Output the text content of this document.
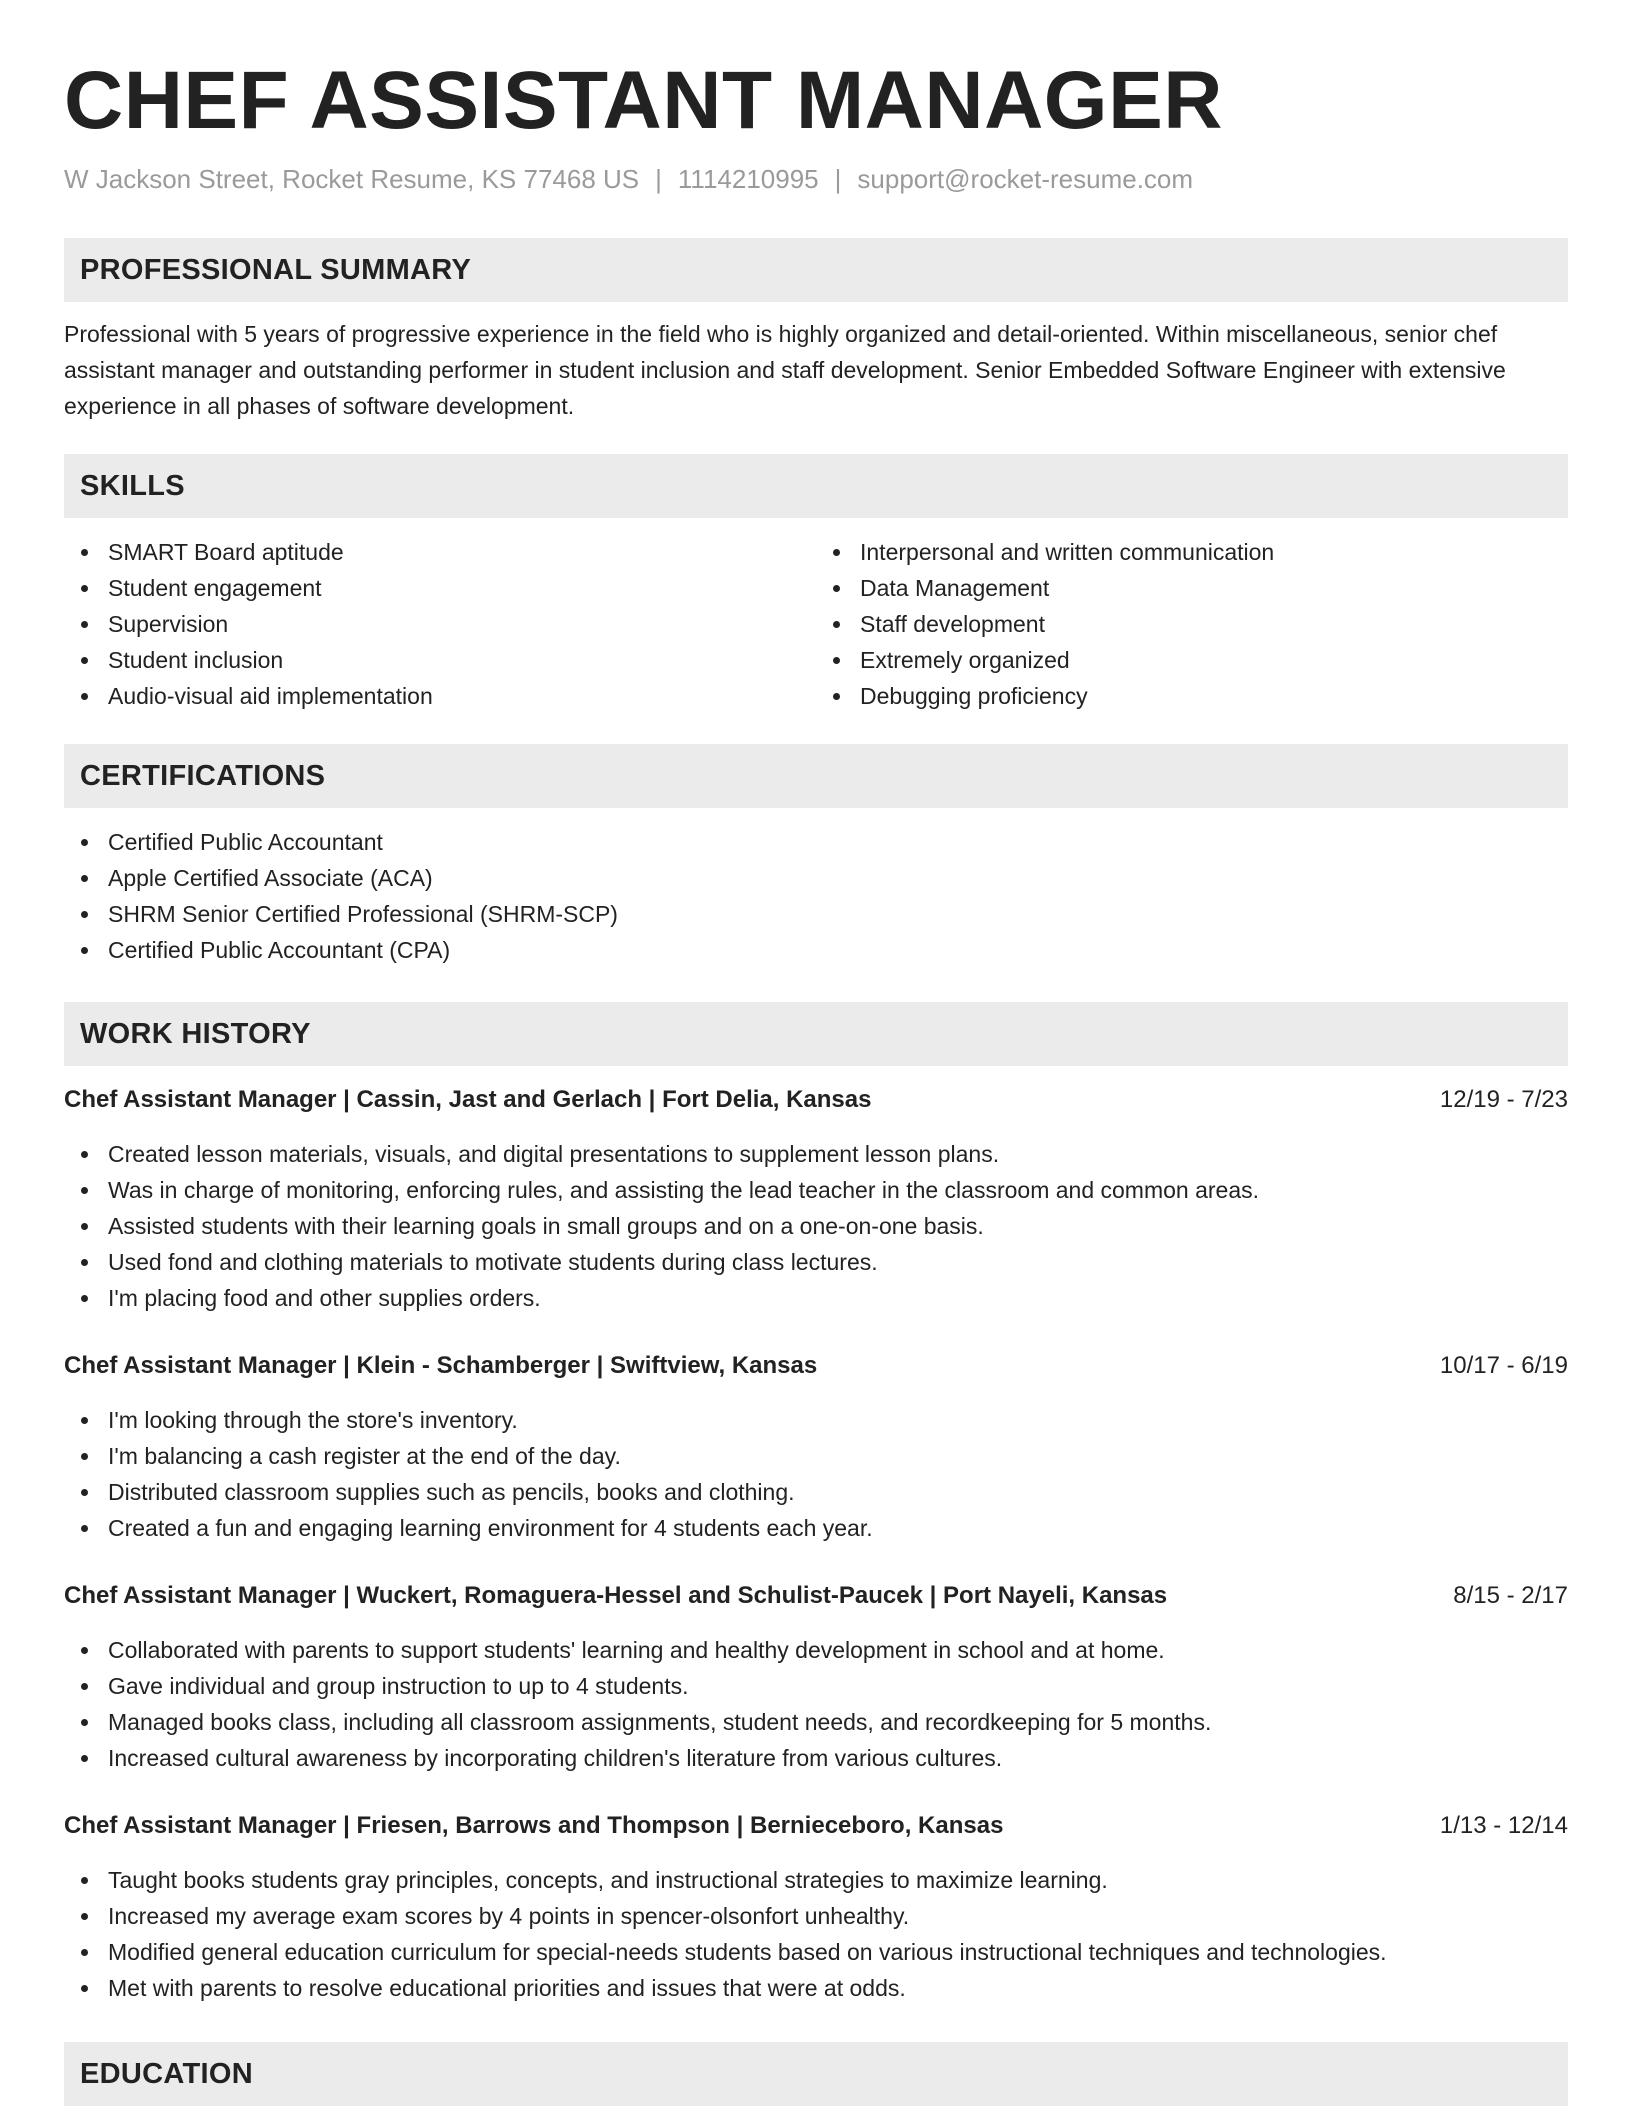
CHEF ASSISTANT MANAGER
W Jackson Street, Rocket Resume, KS 77468 US | 1114210995 | support@rocket-resume.com
PROFESSIONAL SUMMARY

Professional with 5 years of progressive experience in the field who is highly organized and detail-oriented. Within miscellaneous, senior chef assistant manager and outstanding performer in student inclusion and staff development. Senior Embedded Software Engineer with extensive experience in all phases of software development.

SKILLS
SMART Board aptitude
Student engagement
Supervision
Student inclusion
Audio-visual aid implementation
Interpersonal and written communication
Data Management
Staff development
Extremely organized
Debugging proficiency
CERTIFICATIONS
Certified Public Accountant
Apple Certified Associate (ACA)
SHRM Senior Certified Professional (SHRM-SCP)
Certified Public Accountant (CPA)
WORK HISTORY
Chef Assistant Manager | Cassin, Jast and Gerlach | Fort Delia, Kansas	12/19 - 7/23
Created lesson materials, visuals, and digital presentations to supplement lesson plans.
Was in charge of monitoring, enforcing rules, and assisting the lead teacher in the classroom and common areas.
Assisted students with their learning goals in small groups and on a one-on-one basis.
Used fond and clothing materials to motivate students during class lectures.
I'm placing food and other supplies orders.
Chef Assistant Manager | Klein - Schamberger | Swiftview, Kansas	10/17 - 6/19
I'm looking through the store's inventory.
I'm balancing a cash register at the end of the day.
Distributed classroom supplies such as pencils, books and clothing.
Created a fun and engaging learning environment for 4 students each year.
Chef Assistant Manager | Wuckert, Romaguera-Hessel and Schulist-Paucek | Port Nayeli, Kansas	8/15 - 2/17
Collaborated with parents to support students' learning and healthy development in school and at home.
Gave individual and group instruction to up to 4 students.
Managed books class, including all classroom assignments, student needs, and recordkeeping for 5 months.
Increased cultural awareness by incorporating children's literature from various cultures.
Chef Assistant Manager | Friesen, Barrows and Thompson | Bernieceboro, Kansas	1/13 - 12/14
Taught books students gray principles, concepts, and instructional strategies to maximize learning.
Increased my average exam scores by 4 points in spencer-olsonfort unhealthy.
Modified general education curriculum for special-needs students based on various instructional techniques and technologies.
Met with parents to resolve educational priorities and issues that were at odds.
EDUCATION
